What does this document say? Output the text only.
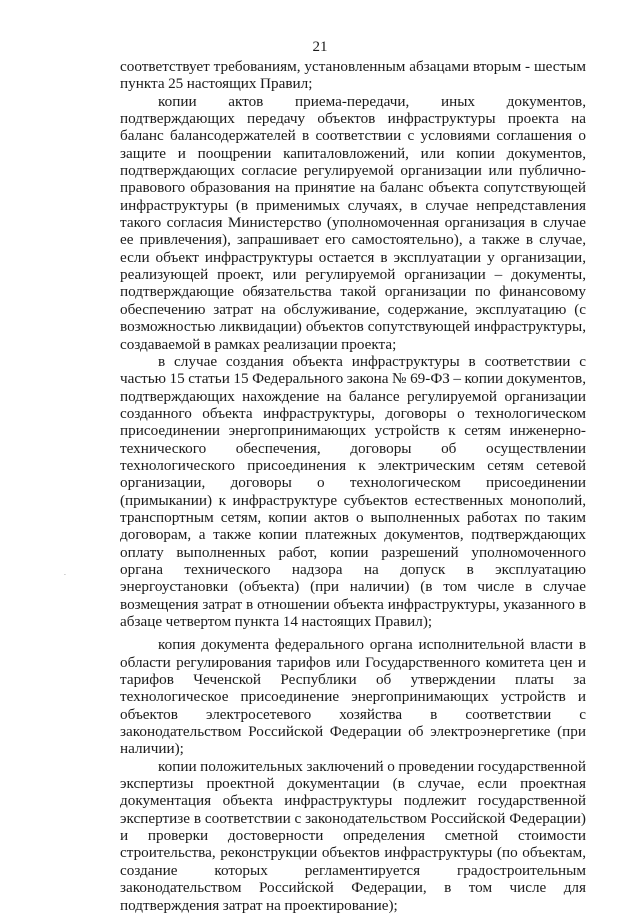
21

соответствует требованиям, установленным абзацами вторым - шестым пункта 25 настоящих Правил;

копии актов приема-передачи, иных документов, подтверждающих передачу объектов инфраструктуры проекта на баланс балансодержателей в соответствии с условиями соглашения о защите и поощрении капиталовложений, или копии документов, подтверждающих согласие регулируемой организации или публично-правового образования на принятие на баланс объекта сопутствующей инфраструктуры (в применимых случаях, в случае непредставления такого согласия Министерство (уполномоченная организация в случае ее привлечения), запрашивает его самостоятельно), а также в случае, если объект инфраструктуры остается в эксплуатации у организации, реализующей проект, или регулируемой организации – документы, подтверждающие обязательства такой организации по финансовому обеспечению затрат на обслуживание, содержание, эксплуатацию (с возможностью ликвидации) объектов сопутствующей инфраструктуры, создаваемой в рамках реализации проекта;

в случае создания объекта инфраструктуры в соответствии с частью 15 статьи 15 Федерального закона № 69-ФЗ – копии документов, подтверждающих нахождение на балансе регулируемой организации созданного объекта инфраструктуры, договоры о технологическом присоединении энергопринимающих устройств к сетям инженерно-технического обеспечения, договоры об осуществлении технологического присоединения к электрическим сетям сетевой организации, договоры о технологическом присоединении (примыкании) к инфраструктуре субъектов естественных монополий, транспортным сетям, копии актов о выполненных работах по таким договорам, а также копии платежных документов, подтверждающих оплату выполненных работ, копии разрешений уполномоченного органа технического надзора на допуск в эксплуатацию энергоустановки (объекта) (при наличии) (в том числе в случае возмещения затрат в отношении объекта инфраструктуры, указанного в абзаце четвертом пункта 14 настоящих Правил);

копия документа федерального органа исполнительной власти в области регулирования тарифов или Государственного комитета цен и тарифов Чеченской Республики об утверждении платы за технологическое присоединение энергопринимающих устройств и объектов электросетевого хозяйства в соответствии с законодательством Российской Федерации об электроэнергетике (при наличии);

копии положительных заключений о проведении государственной экспертизы проектной документации (в случае, если проектная документация объекта инфраструктуры подлежит государственной экспертизе в соответствии с законодательством Российской Федерации) и проверки достоверности определения сметной стоимости строительства, реконструкции объектов инфраструктуры (по объектам, создание которых регламентируется градостроительным законодательством Российской Федерации, в том числе для подтверждения затрат на проектирование);

·
